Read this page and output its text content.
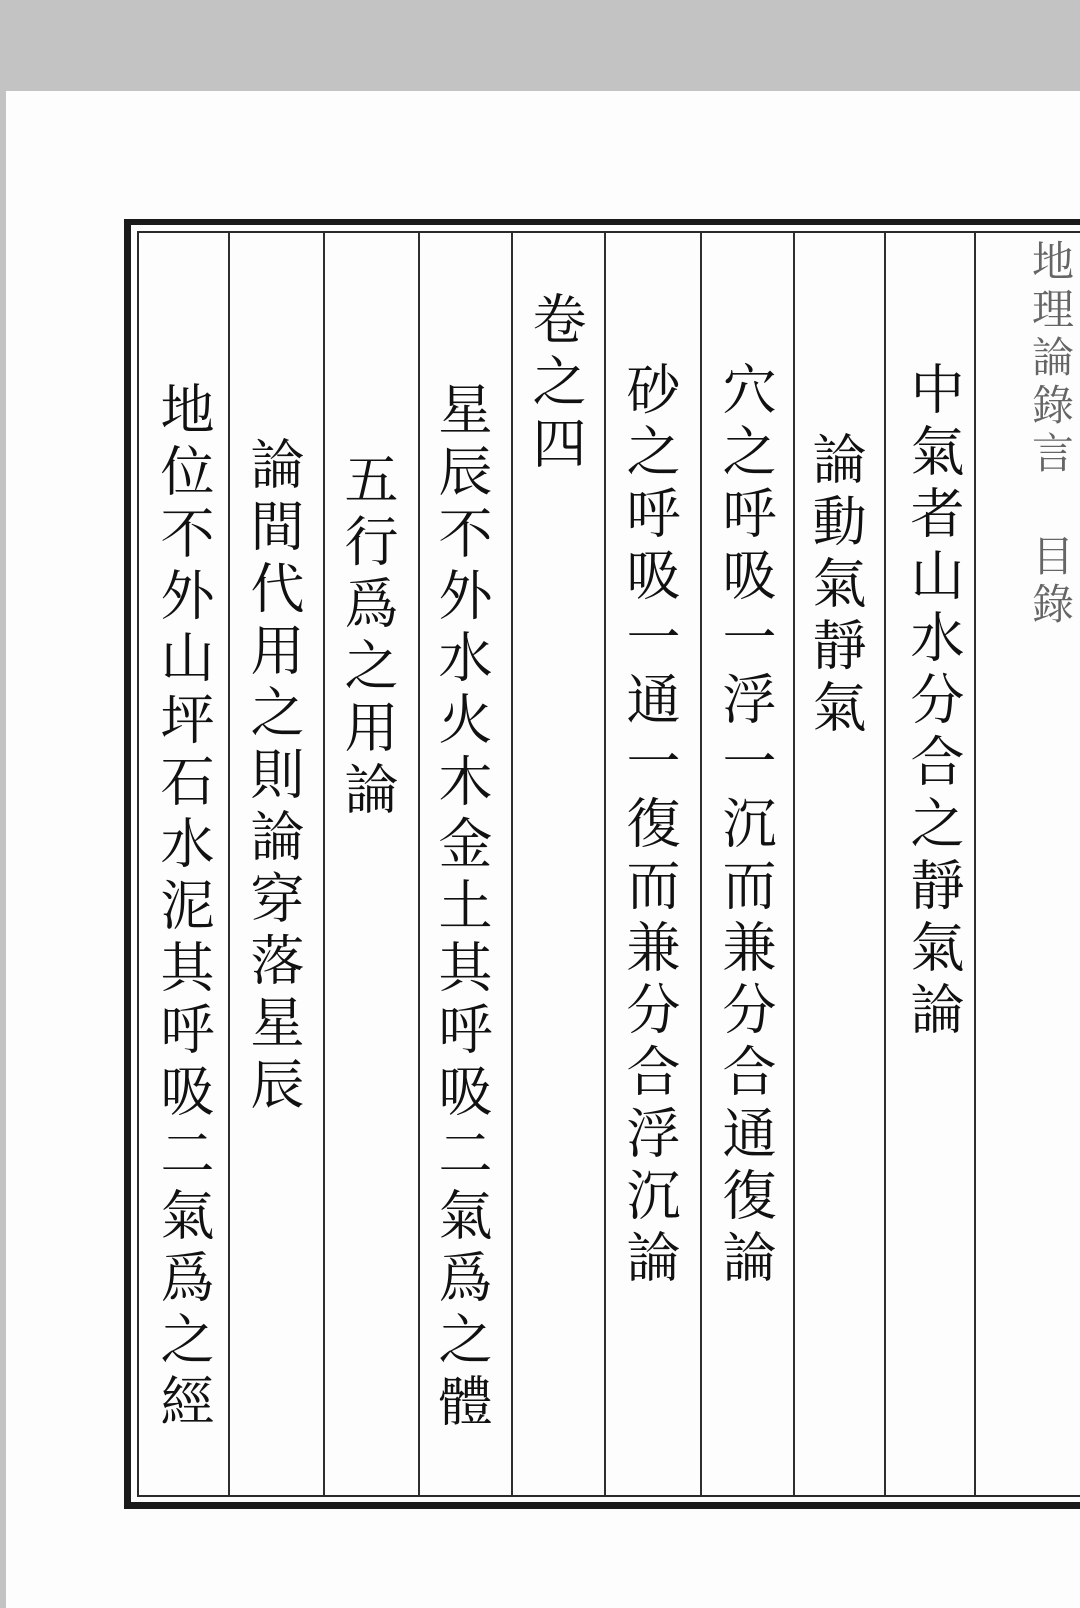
地理論錄言 目錄
中氣者山水分合之靜氣論
論動氣靜氣
穴之呼吸一浮一沉而兼分合通復論
砂之呼吸一通一復而兼分合浮沉論
卷之四
星辰不外水火木金土其呼吸二氣爲之體
五行爲之用論
論間代用之則論穿落星辰
地位不外山坪石水泥其呼吸二氣爲之經
